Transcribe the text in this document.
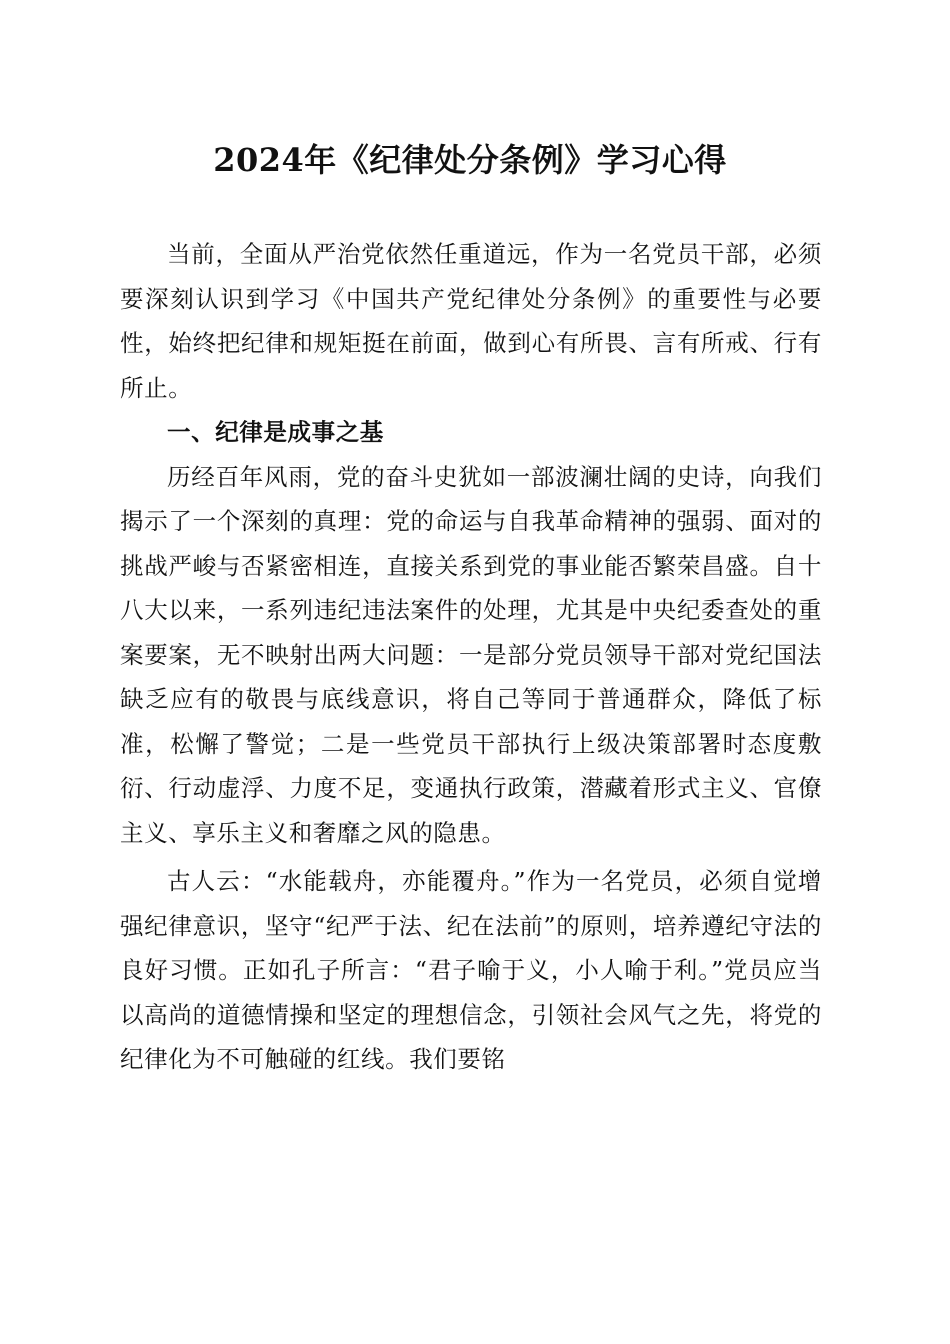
2024年《纪律处分条例》学习心得

当前，全面从严治党依然任重道远，作为一名党员干部，必须要深刻认识到学习《中国共产党纪律处分条例》的重要性与必要性，始终把纪律和规矩挺在前面，做到心有所畏、言有所戒、行有所止。

一、纪律是成事之基

历经百年风雨，党的奋斗史犹如一部波澜壮阔的史诗，向我们揭示了一个深刻的真理：党的命运与自我革命精神的强弱、面对的挑战严峻与否紧密相连，直接关系到党的事业能否繁荣昌盛。自十八大以来，一系列违纪违法案件的处理，尤其是中央纪委查处的重案要案，无不映射出两大问题：一是部分党员领导干部对党纪国法缺乏应有的敬畏与底线意识，将自己等同于普通群众，降低了标准，松懈了警觉；二是一些党员干部执行上级决策部署时态度敷衍、行动虚浮、力度不足，变通执行政策，潜藏着形式主义、官僚主义、享乐主义和奢靡之风的隐患。

古人云：“水能载舟，亦能覆舟。”作为一名党员，必须自觉增强纪律意识，坚守“纪严于法、纪在法前”的原则，培养遵纪守法的良好习惯。正如孔子所言：“君子喻于义，小人喻于利。”党员应当以高尚的道德情操和坚定的理想信念，引领社会风气之先，将党的纪律化为不可触碰的红线。我们要铭
